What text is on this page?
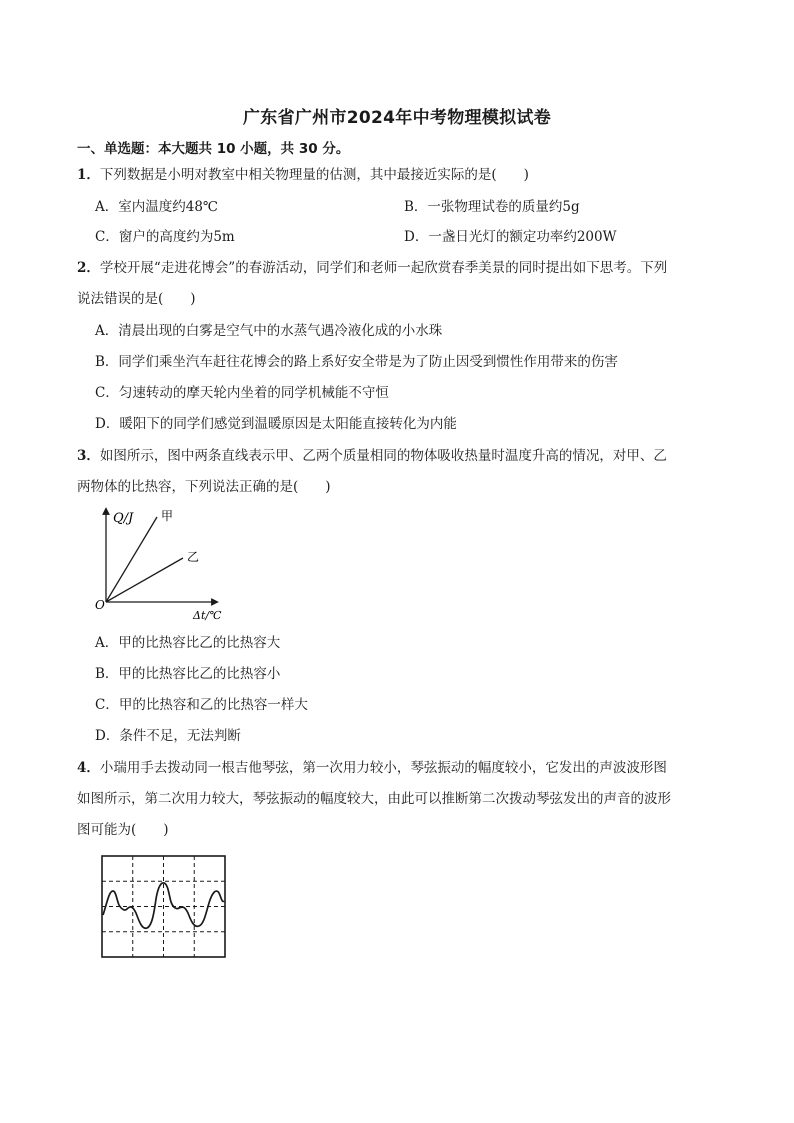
广东省广州市2024年中考物理模拟试卷
一、单选题：本大题共 10 小题，共 30 分。
1．下列数据是小明对教室中相关物理量的估测，其中最接近实际的是(　　)
A．室内温度约48℃	B．一张物理试卷的质量约5g
C．窗户的高度约为5m	D．一盏日光灯的额定功率约200W
2．学校开展“走进花博会”的春游活动，同学们和老师一起欣赏春季美景的同时提出如下思考。下列
说法错误的是(　　)
A．清晨出现的白雾是空气中的水蒸气遇冷液化成的小水珠
B．同学们乘坐汽车赶往花博会的路上系好安全带是为了防止因受到惯性作用带来的伤害
C．匀速转动的摩天轮内坐着的同学机械能不守恒
D．暖阳下的同学们感觉到温暖原因是太阳能直接转化为内能
3．如图所示，图中两条直线表示甲、乙两个质量相同的物体吸收热量时温度升高的情况，对甲、乙
两物体的比热容，下列说法正确的是(　　)
Q/J 甲
乙
O
Δt/℃
A．甲的比热容比乙的比热容大
B．甲的比热容比乙的比热容小
C．甲的比热容和乙的比热容一样大
D．条件不足，无法判断
4．小瑞用手去拨动同一根吉他琴弦，第一次用力较小，琴弦振动的幅度较小，它发出的声波波形图
如图所示，第二次用力较大，琴弦振动的幅度较大，由此可以推断第二次拨动琴弦发出的声音的波形
图可能为(　　)
